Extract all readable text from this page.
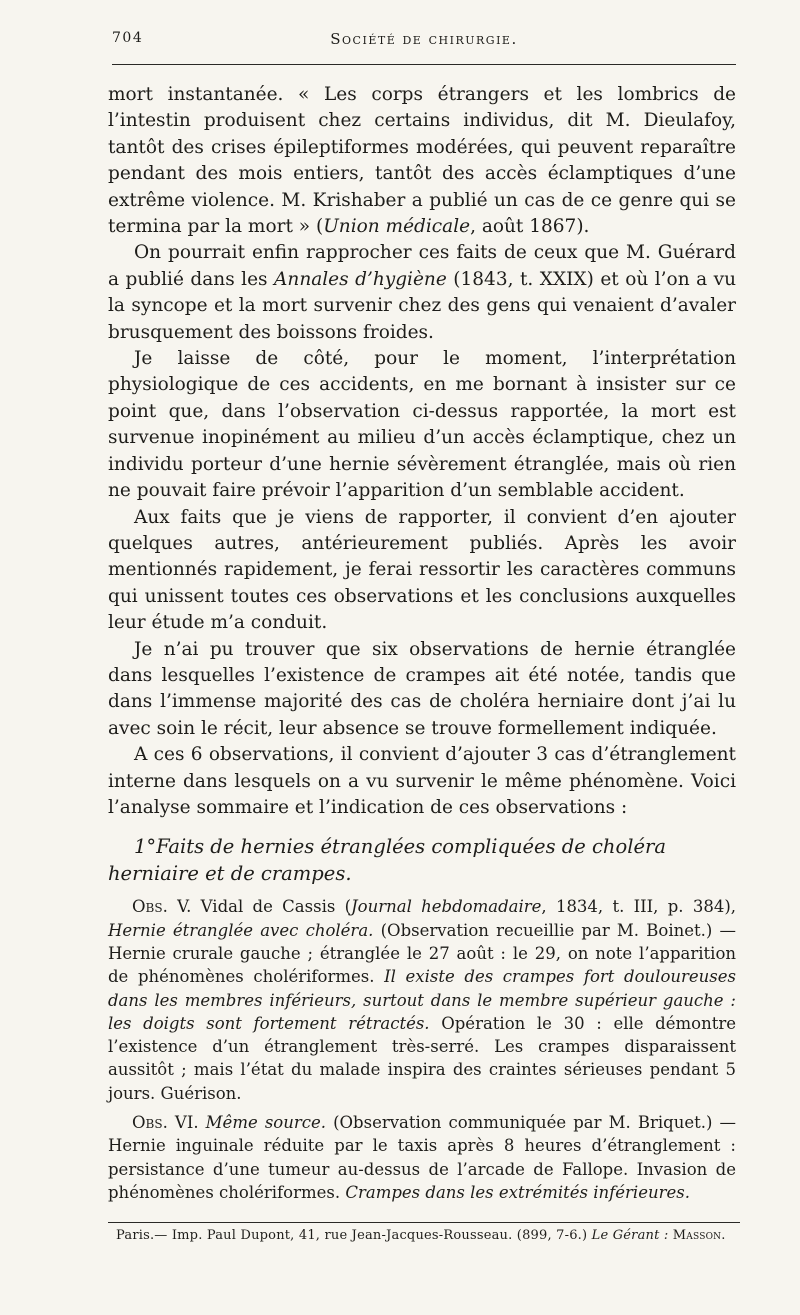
704	Société de chirurgie.

mort instantanée. « Les corps étrangers et les lombrics de l’intestin produisent chez certains individus, dit M. Dieulafoy, tantôt des crises épileptiformes modérées, qui peuvent reparaître pendant des mois entiers, tantôt des accès éclamptiques d’une extrême violence. M. Krishaber a publié un cas de ce genre qui se termina par la mort » (Union médicale, août 1867).

On pourrait enfin rapprocher ces faits de ceux que M. Guérard a publié dans les Annales d’hygiène (1843, t. XXIX) et où l’on a vu la syncope et la mort survenir chez des gens qui venaient d’avaler brusquement des boissons froides.

Je laisse de côté, pour le moment, l’interprétation physiologique de ces accidents, en me bornant à insister sur ce point que, dans l’observation ci-dessus rapportée, la mort est survenue inopinément au milieu d’un accès éclamptique, chez un individu porteur d’une hernie sévèrement étranglée, mais où rien ne pouvait faire prévoir l’apparition d’un semblable accident.

Aux faits que je viens de rapporter, il convient d’en ajouter quelques autres, antérieurement publiés. Après les avoir mentionnés rapidement, je ferai ressortir les caractères communs qui unissent toutes ces observations et les conclusions auxquelles leur étude m’a conduit.

Je n’ai pu trouver que six observations de hernie étranglée dans lesquelles l’existence de crampes ait été notée, tandis que dans l’immense majorité des cas de choléra herniaire dont j’ai lu avec soin le récit, leur absence se trouve formellement indiquée.

A ces 6 observations, il convient d’ajouter 3 cas d’étranglement interne dans lesquels on a vu survenir le même phénomène. Voici l’analyse sommaire et l’indication de ces observations :

1°Faits de hernies étranglées compliquées de choléra herniaire et de crampes.

Obs. V. Vidal de Cassis (Journal hebdomadaire, 1834, t. III, p. 384), Hernie étranglée avec choléra. (Observation recueillie par M. Boinet.) — Hernie crurale gauche ; étranglée le 27 août : le 29, on note l’apparition de phénomènes cholériformes. Il existe des crampes fort douloureuses dans les membres inférieurs, surtout dans le membre supérieur gauche : les doigts sont fortement rétractés. Opération le 30 : elle démontre l’existence d’un étranglement très-serré. Les crampes disparaissent aussitôt ; mais l’état du malade inspira des craintes sérieuses pendant 5 jours. Guérison.

Obs. VI. Même source. (Observation communiquée par M. Briquet.) — Hernie inguinale réduite par le taxis après 8 heures d’étranglement : persistance d’une tumeur au-dessus de l’arcade de Fallope. Invasion de phénomènes cholériformes. Crampes dans les extrémités inférieures.

Paris.— Imp. Paul Dupont, 41, rue Jean-Jacques-Rousseau. (899, 7-6.) Le Gérant : Masson.
